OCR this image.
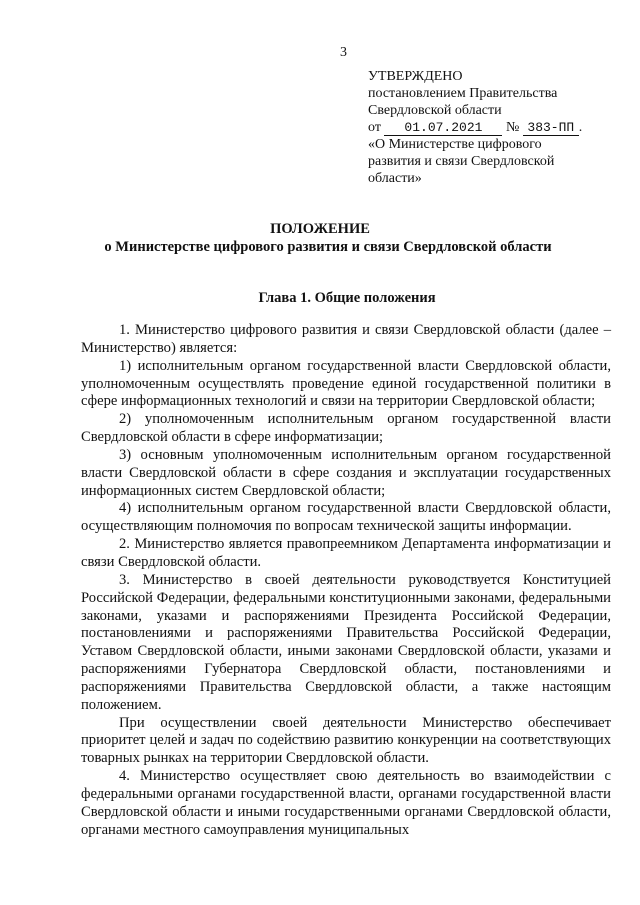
3
УТВЕРЖДЕНО
постановлением Правительства
Свердловской области
от 01.07.2021 № 383-ПП .
«О Министерстве цифрового
развития и связи Свердловской
области»
ПОЛОЖЕНИЕ
о Министерстве цифрового развития и связи Свердловской области
Глава 1. Общие положения

1. Министерство цифрового развития и связи Свердловской области (далее – Министерство) является:

1) исполнительным органом государственной власти Свердловской области, уполномоченным осуществлять проведение единой государственной политики в сфере информационных технологий и связи на территории Свердловской области;

2) уполномоченным исполнительным органом государственной власти Свердловской области в сфере информатизации;

3) основным уполномоченным исполнительным органом государственной власти Свердловской области в сфере создания и эксплуатации государственных информационных систем Свердловской области;

4) исполнительным органом государственной власти Свердловской области, осуществляющим полномочия по вопросам технической защиты информации.

2. Министерство является правопреемником Департамента информатизации и связи Свердловской области.

3. Министерство в своей деятельности руководствуется Конституцией Российской Федерации, федеральными конституционными законами, федеральными законами, указами и распоряжениями Президента Российской Федерации, постановлениями и распоряжениями Правительства Российской Федерации, Уставом Свердловской области, иными законами Свердловской области, указами и распоряжениями Губернатора Свердловской области, постановлениями и распоряжениями Правительства Свердловской области, а также настоящим положением.

При осуществлении своей деятельности Министерство обеспечивает приоритет целей и задач по содействию развитию конкуренции на соответствующих товарных рынках на территории Свердловской области.

4. Министерство осуществляет свою деятельность во взаимодействии с федеральными органами государственной власти, органами государственной власти Свердловской области и иными государственными органами Свердловской области, органами местного самоуправления муниципальных
